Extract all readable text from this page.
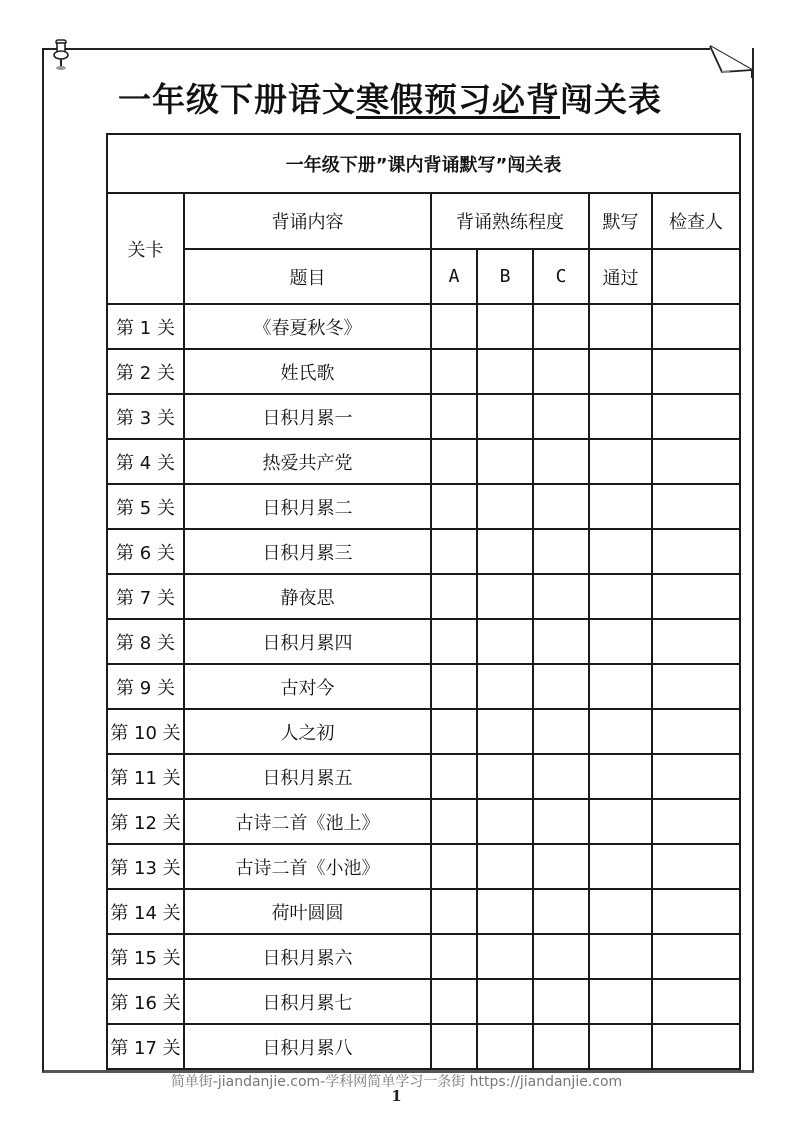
一年级下册语文寒假预习必背闯关表
一年级下册”课内背诵默写”闯关表						
关卡	背诵内容	背诵熟练程度			默写	检查人
	题目	A	B	C	通过	
第 1 关	《春夏秋冬》					
第 2 关	姓氏歌					
第 3 关	日积月累一					
第 4 关	热爱共产党					
第 5 关	日积月累二					
第 6 关	日积月累三					
第 7 关	静夜思					
第 8 关	日积月累四					
第 9 关	古对今					
第 10 关	人之初					
第 11 关	日积月累五					
第 12 关	古诗二首《池上》					
第 13 关	古诗二首《小池》					
第 14 关	荷叶圆圆					
第 15 关	日积月累六					
第 16 关	日积月累七					
第 17 关	日积月累八					
简单街-jiandanjie.com-学科网简单学习一条街 https://jiandanjie.com
1
